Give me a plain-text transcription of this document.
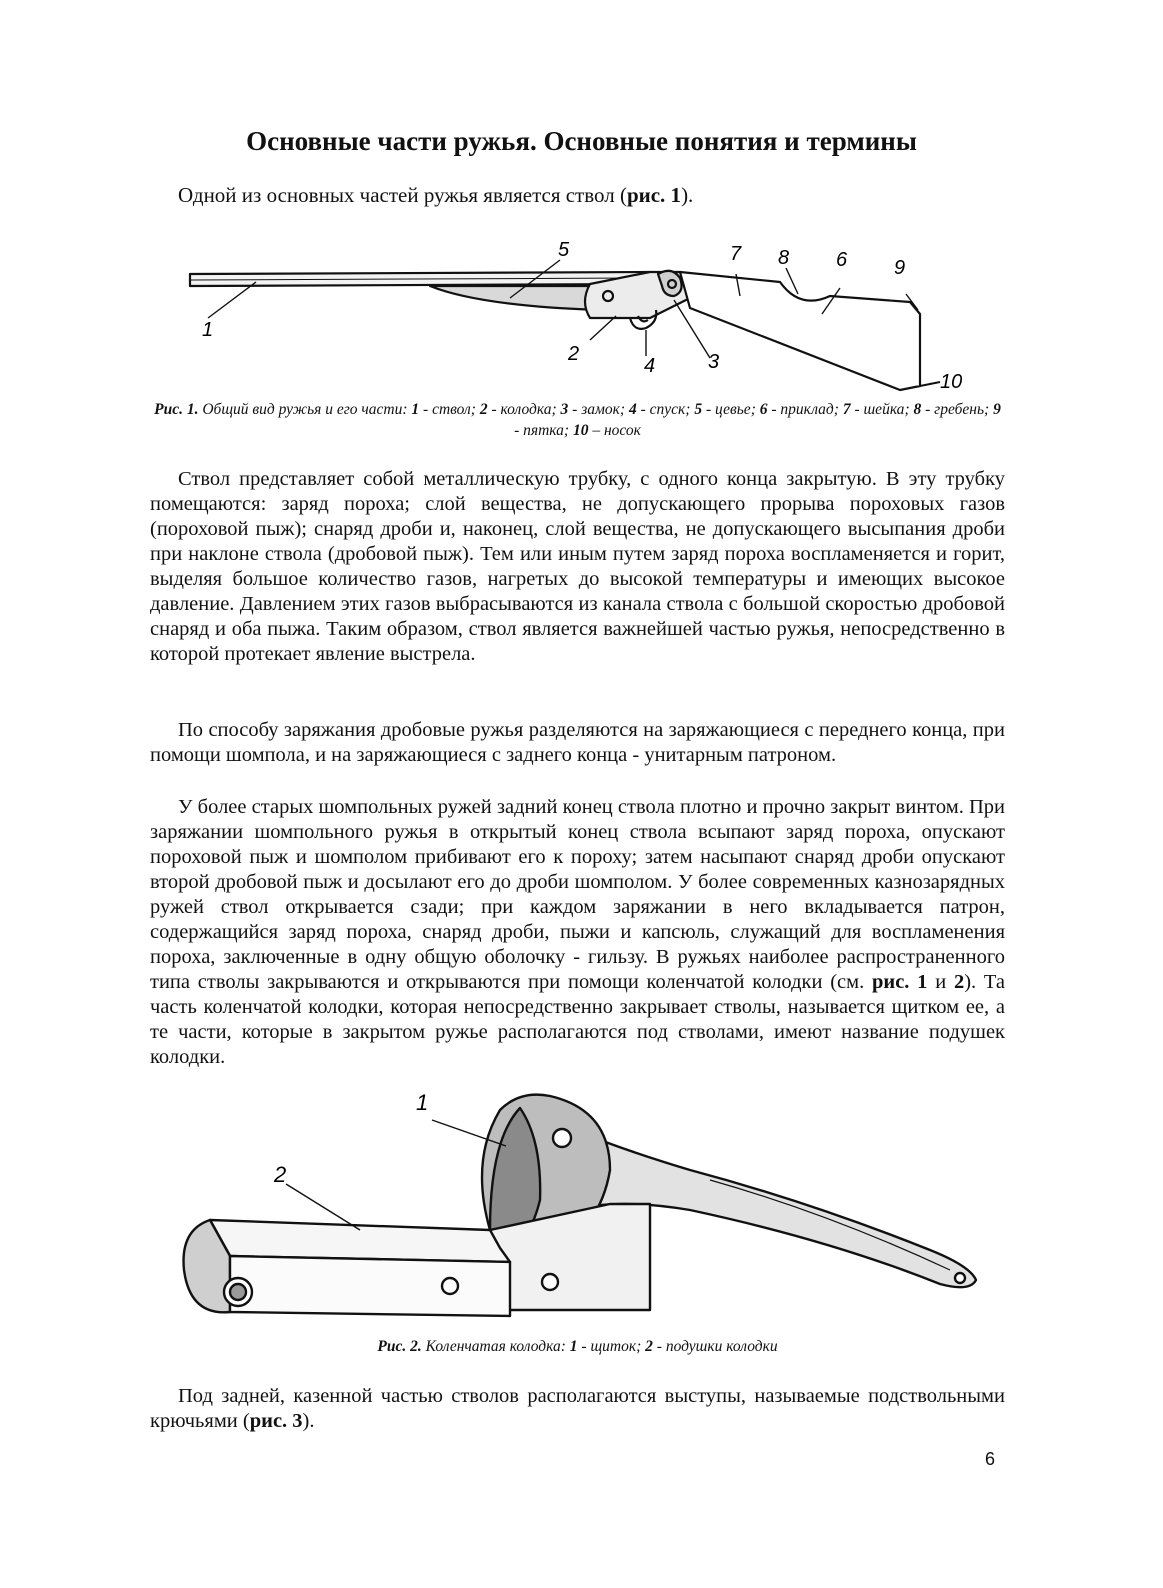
Основные части ружья. Основные понятия и термины

Одной из основных частей ружья является ствол (рис. 1).

1
2	3
4
5	6
7 8	9
10

Рис. 1. Общий вид ружья и его части: 1 - ствол; 2 - колодка; 3 - замок; 4 - спуск; 5 - цевье; 6 - приклад; 7 - шейка; 8 - гребень; 9 - пятка; 10 – носок

Ствол представляет собой металлическую трубку, с одного конца закрытую. В эту трубку помещаются: заряд пороха; слой вещества, не допускающего прорыва пороховых газов (пороховой пыж); снаряд дроби и, наконец, слой вещества, не допускающего высыпания дроби при наклоне ствола (дробовой пыж). Тем или иным путем заряд пороха воспламеняется и горит, выделяя большое количество газов, нагретых до высокой температуры и имеющих высокое давление. Давлением этих газов выбрасываются из канала ствола с большой скоростью дробовой снаряд и оба пыжа. Таким образом, ствол является важнейшей частью ружья, непосредственно в которой протекает явление выстрела.

По способу заряжания дробовые ружья разделяются на заряжающиеся с переднего конца, при помощи шомпола, и на заряжающиеся с заднего конца - унитарным патроном.

У более старых шомпольных ружей задний конец ствола плотно и прочно закрыт винтом. При заряжании шомпольного ружья в открытый конец ствола всыпают заряд пороха, опускают пороховой пыж и шомполом прибивают его к пороху; затем насыпают снаряд дроби опускают второй дробовой пыж и досылают его до дроби шомполом. У более современных казнозарядных ружей ствол открывается сзади; при каждом заряжании в него вкладывается патрон, содержащийся заряд пороха, снаряд дроби, пыжи и капсюль, служащий для воспламенения пороха, заключенные в одну общую оболочку - гильзу. В ружьях наиболее распространенного типа стволы закрываются и открываются при помощи коленчатой колодки (см. рис. 1 и 2). Та часть коленчатой колодки, которая непосредственно закрывает стволы, называется щитком ее, а те части, которые в закрытом ружье располагаются под стволами, имеют название подушек колодки.

1
2

Рис. 2. Коленчатая колодка: 1 - щиток; 2 - подушки колодки

Под задней, казенной частью стволов располагаются выступы, называемые подствольными крючьями (рис. 3).

6
